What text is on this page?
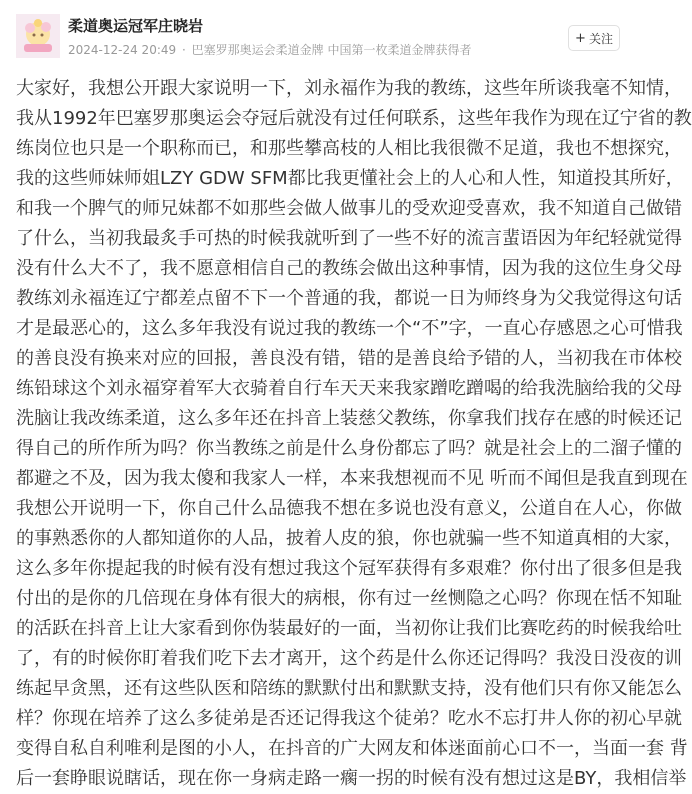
柔道奥运冠军庄晓岩
2024-12-24 20:49 · 巴塞罗那奥运会柔道金牌 中国第一枚柔道金牌获得者
+ 关注
大家好，我想公开跟大家说明一下，刘永福作为我的教练，这些年所谈我毫不知情，
我从1992年巴塞罗那奥运会夺冠后就没有过任何联系，这些年我作为现在辽宁省的教
练岗位也只是一个职称而已，和那些攀高枝的人相比我很微不足道，我也不想探究，
我的这些师妹师姐LZY GDW SFM都比我更懂社会上的人心和人性，知道投其所好，
和我一个脾气的师兄妹都不如那些会做人做事儿的受欢迎受喜欢，我不知道自己做错
了什么，当初我最炙手可热的时候我就听到了一些不好的流言蜚语因为年纪轻就觉得
没有什么大不了，我不愿意相信自己的教练会做出这种事情，因为我的这位生身父母
教练刘永福连辽宁都差点留不下一个普通的我，都说一日为师终身为父我觉得这句话
才是最恶心的，这么多年我没有说过我的教练一个“不”字，一直心存感恩之心可惜我
的善良没有换来对应的回报，善良没有错，错的是善良给予错的人，当初我在市体校
练铅球这个刘永福穿着军大衣骑着自行车天天来我家蹭吃蹭喝的给我洗脑给我的父母
洗脑让我改练柔道，这么多年还在抖音上装慈父教练，你拿我们找存在感的时候还记
得自己的所作所为吗？你当教练之前是什么身份都忘了吗？就是社会上的二溜子懂的
都避之不及，因为我太傻和我家人一样，本来我想视而不见 听而不闻但是我直到现在
我想公开说明一下，你自己什么品德我不想在多说也没有意义，公道自在人心，你做
的事熟悉你的人都知道你的人品，披着人皮的狼，你也就骗一些不知道真相的大家，
这么多年你提起我的时候有没有想过我这个冠军获得有多艰难？你付出了很多但是我
付出的是你的几倍现在身体有很大的病根，你有过一丝恻隐之心吗？你现在恬不知耻
的活跃在抖音上让大家看到你伪装最好的一面，当初你让我们比赛吃药的时候我给吐
了，有的时候你盯着我们吃下去才离开，这个药是什么你还记得吗？我没日没夜的训
练起早贪黑，还有这些队医和陪练的默默付出和默默支持，没有他们只有你又能怎么
样？你现在培养了这么多徒弟是否还记得我这个徒弟？吃水不忘打井人你的初心早就
变得自私自利唯利是图的小人，在抖音的广大网友和体迷面前心口不一，当面一套 背
后一套睁眼说瞎话，现在你一身病走路一瘸一拐的时候有没有想过这是BY，我相信举
